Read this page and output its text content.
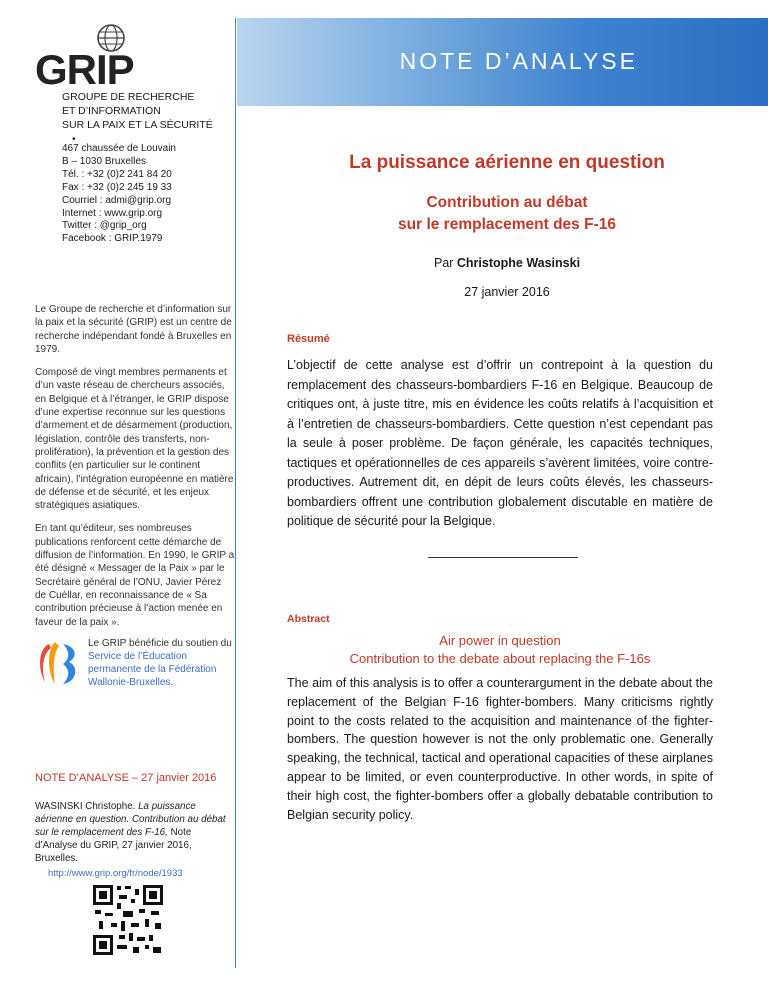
NOTE D’ANALYSE
GRIP
GROUPE DE RECHERCHE
ET D’INFORMATION
SUR LA PAIX ET LA SÉCURITÉ
•
467 chaussée de Louvain
B – 1030 Bruxelles
Tél. : +32 (0)2 241 84 20
Fax : +32 (0)2 245 19 33
Courriel : admi@grip.org
Internet : www.grip.org
Twitter : @grip_org
Facebook : GRIP.1979

Le Groupe de recherche et d’information sur la paix et la sécurité (GRIP) est un centre de recherche indépendant fondé à Bruxelles en 1979.

Composé de vingt membres permanents et d’un vaste réseau de chercheurs associés, en Belgique et à l’étranger, le GRIP dispose d’une expertise reconnue sur les questions d’armement et de désarmement (production, législation, contrôle des transferts, non-prolifération), la prévention et la gestion des conflits (en particulier sur le continent africain), l’intégration européenne en matière de défense et de sécurité, et les enjeux stratégiques asiatiques.

En tant qu’éditeur, ses nombreuses publications renforcent cette démarche de diffusion de l’information. En 1990, le GRIP a été désigné « Messager de la Paix » par le Secrétaire général de l’ONU, Javier Pérez de Cuéllar, en reconnaissance de « Sa contribution précieuse à l’action menée en faveur de la paix ».

Le GRIP bénéficie du soutien du Service de l’Éducation permanente de la Fédération Wallonie-Bruxelles.
NOTE D’ANALYSE – 27 janvier 2016
WASINSKI Christophe. La puissance aérienne en question. Contribution au débat sur le remplacement des F-16, Note d’Analyse du GRIP, 27 janvier 2016, Bruxelles.
http://www.grip.org/fr/node/1933
La puissance aérienne en question
Contribution au débat
sur le remplacement des F-16
Par Christophe Wasinski
27 janvier 2016
Résumé
L’objectif de cette analyse est d’offrir un contrepoint à la question du remplacement des chasseurs-bombardiers F-16 en Belgique. Beaucoup de critiques ont, à juste titre, mis en évidence les coûts relatifs à l’acquisition et à l’entretien de chasseurs-bombardiers. Cette question n’est cependant pas la seule à poser problème. De façon générale, les capacités techniques, tactiques et opérationnelles de ces appareils s’avèrent limitées, voire contre-productives. Autrement dit, en dépit de leurs coûts élevés, les chasseurs-bombardiers offrent une contribution globalement discutable en matière de politique de sécurité pour la Belgique.
Abstract
Air power in question
Contribution to the debate about replacing the F-16s
The aim of this analysis is to offer a counterargument in the debate about the replacement of the Belgian F-16 fighter-bombers. Many criticisms rightly point to the costs related to the acquisition and maintenance of the fighter-bombers. The question however is not the only problematic one. Generally speaking, the technical, tactical and operational capacities of these airplanes appear to be limited, or even counterproductive. In other words, in spite of their high cost, the fighter-bombers offer a globally debatable contribution to Belgian security policy.
